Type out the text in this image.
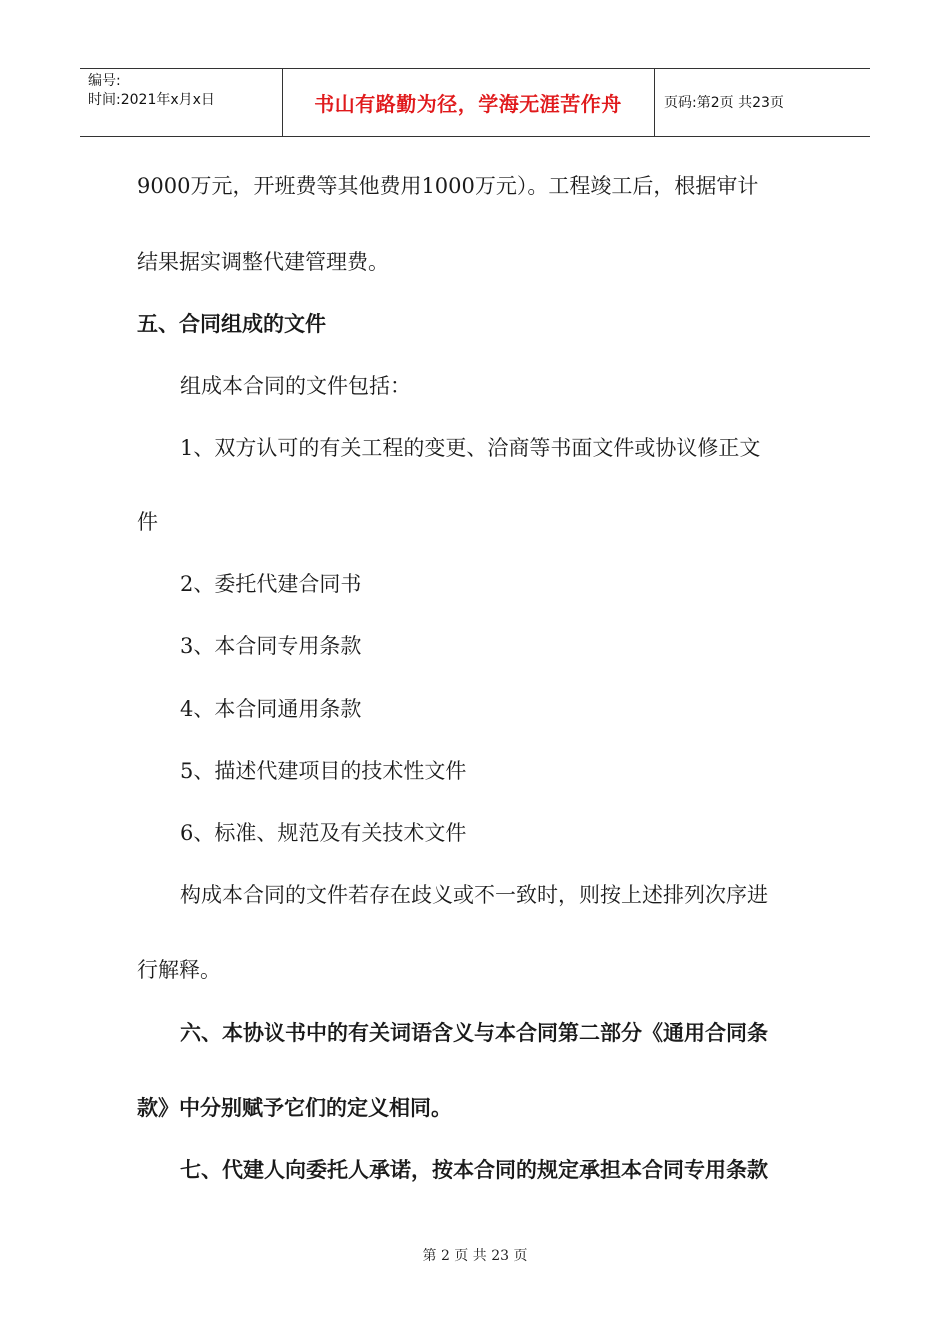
编号:
时间:2021年x月x日	书山有路勤为径，学海无涯苦作舟	页码:第2页 共23页
9000万元，开班费等其他费用1000万元）。工程竣工后，根据审计
结果据实调整代建管理费。
五、合同组成的文件
组成本合同的文件包括：
1、双方认可的有关工程的变更、洽商等书面文件或协议修正文
件
2、委托代建合同书
3、本合同专用条款
4、本合同通用条款
5、描述代建项目的技术性文件
6、标准、规范及有关技术文件
构成本合同的文件若存在歧义或不一致时，则按上述排列次序进
行解释。
六、本协议书中的有关词语含义与本合同第二部分《通用合同条
款》中分别赋予它们的定义相同。
七、代建人向委托人承诺，按本合同的规定承担本合同专用条款
第 2 页 共 23 页
